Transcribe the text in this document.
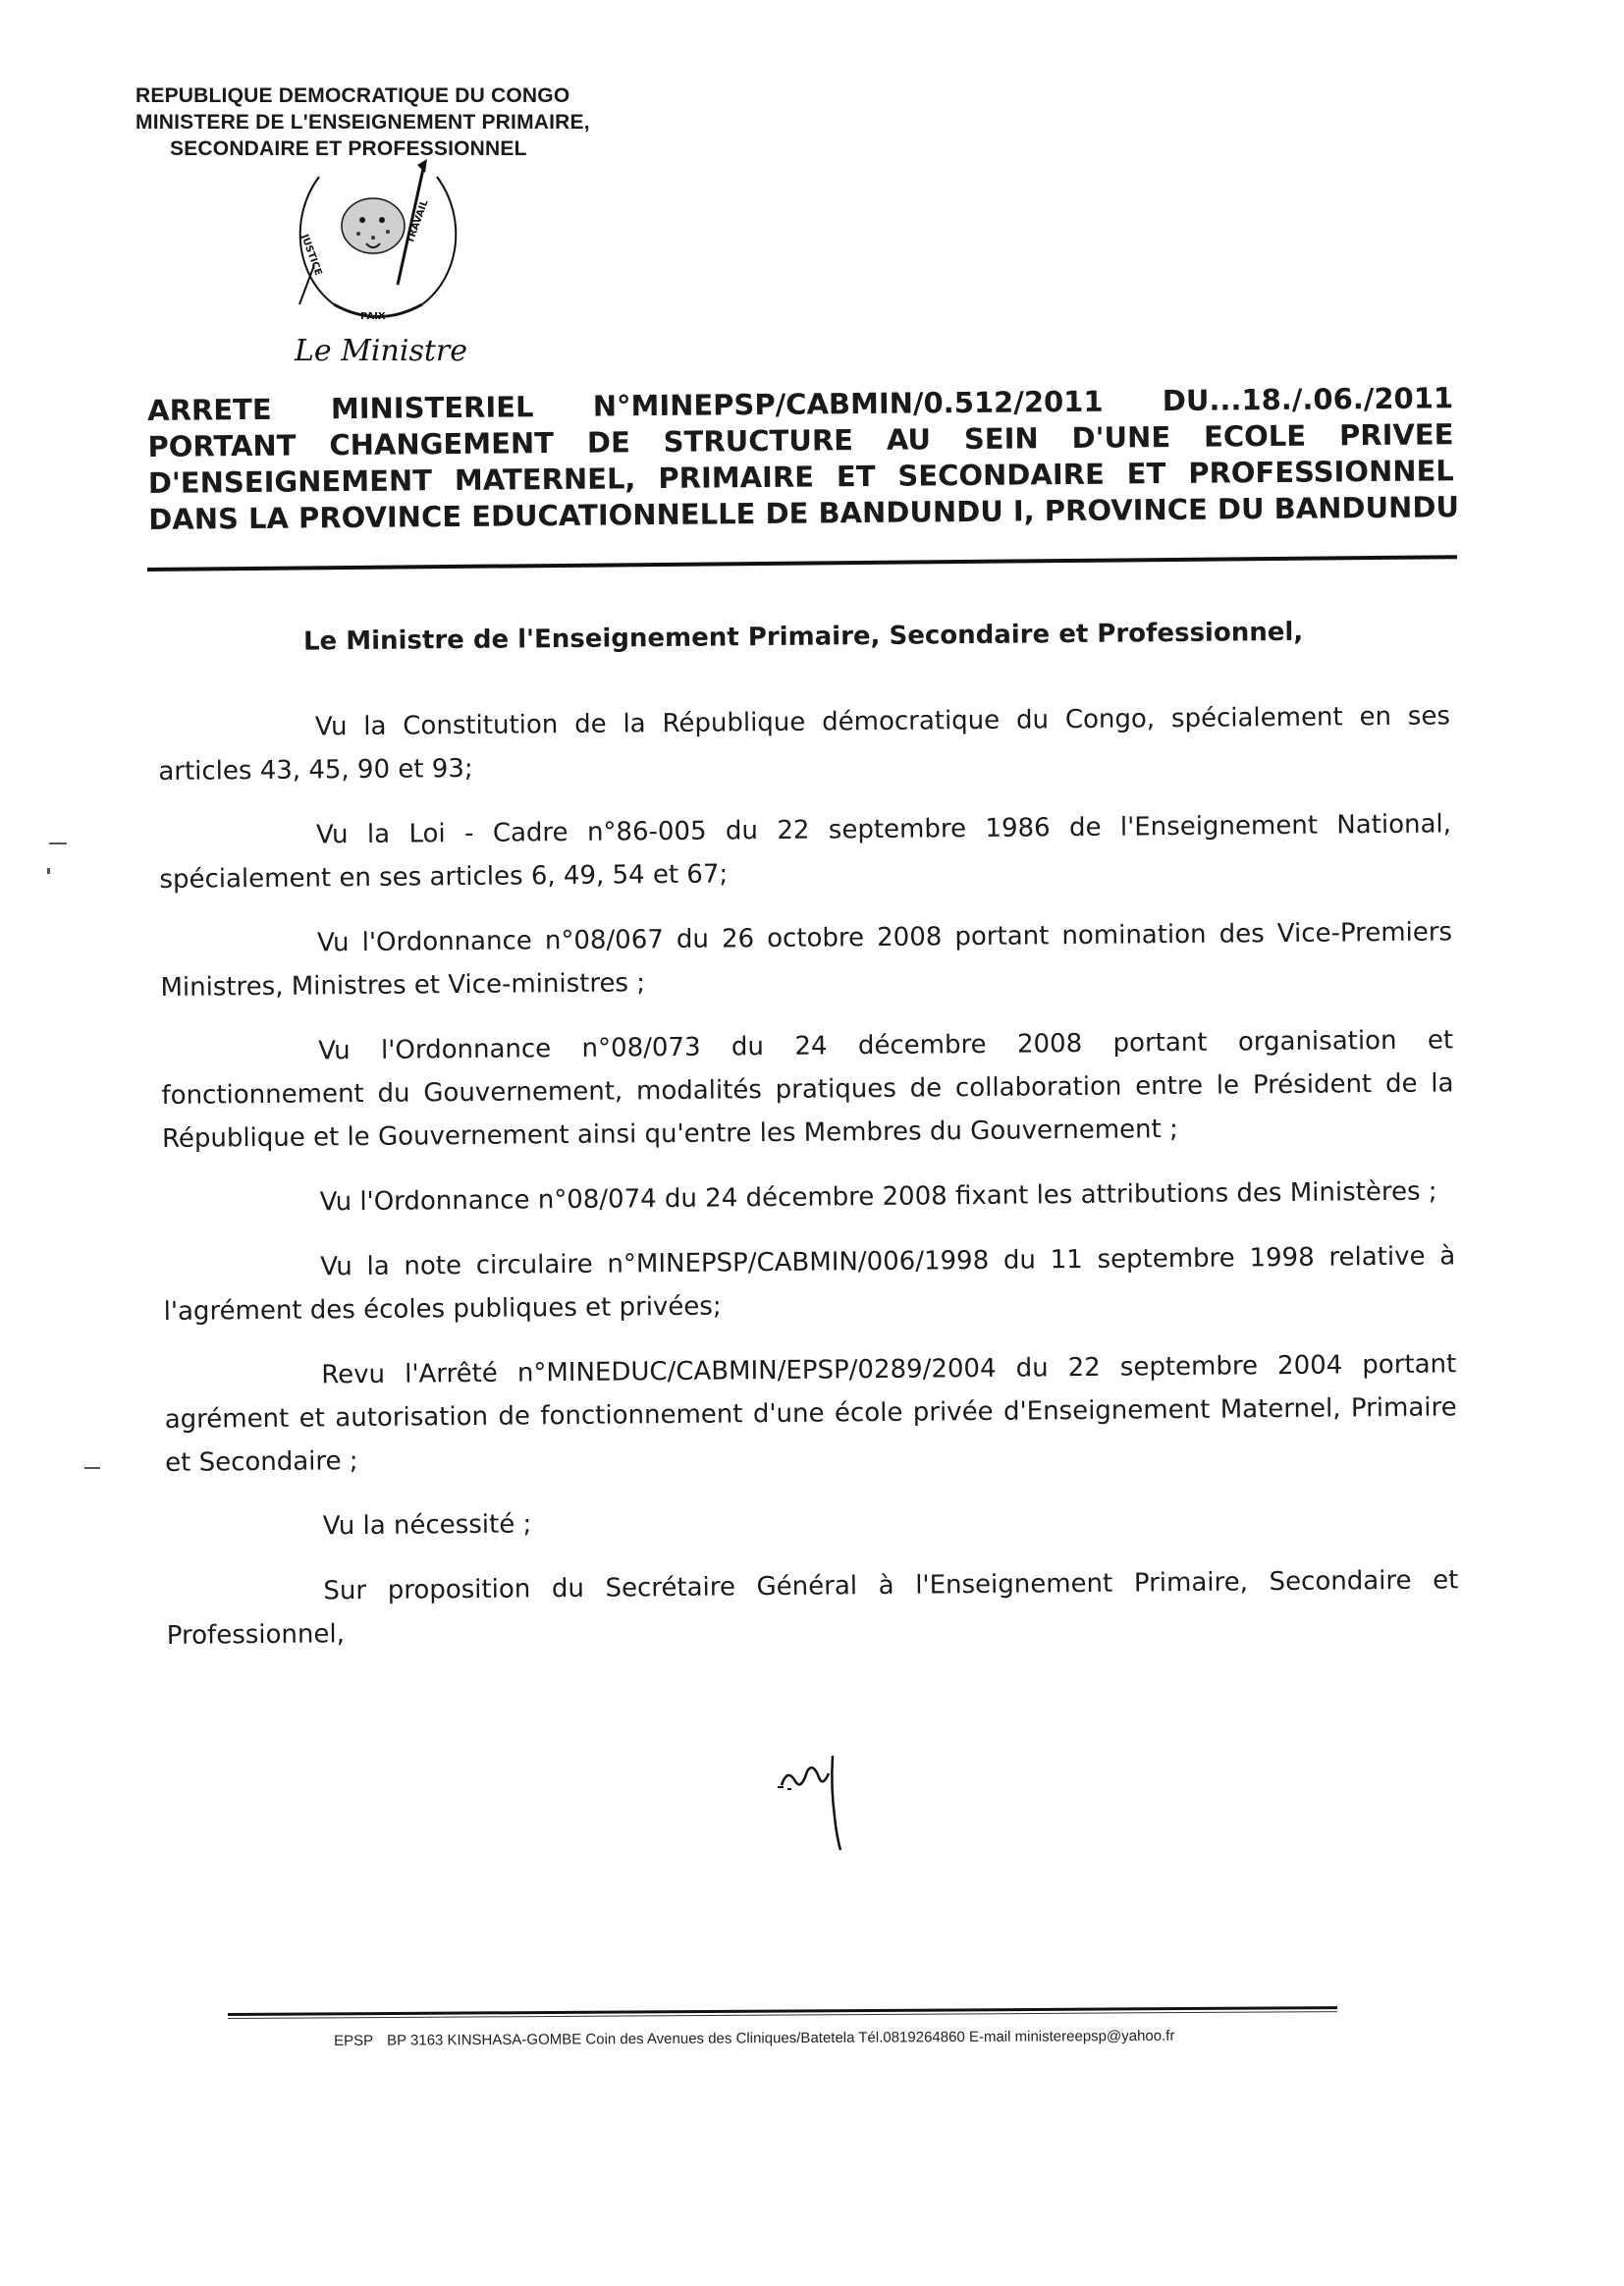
REPUBLIQUE DEMOCRATIQUE DU CONGO
MINISTERE DE L'ENSEIGNEMENT PRIMAIRE,
SECONDAIRE ET PROFESSIONNEL
JUSTICE
PAIX
TRAVAIL
Le Ministre
ARRETE MINISTERIEL N°MINEPSP/CABMIN/0.512/2011 DU...18./.06./2011
PORTANT CHANGEMENT DE STRUCTURE AU SEIN D'UNE ECOLE PRIVEE
D'ENSEIGNEMENT MATERNEL, PRIMAIRE ET SECONDAIRE ET PROFESSIONNEL
DANS LA PROVINCE EDUCATIONNELLE DE BANDUNDU I, PROVINCE DU BANDUNDU
Le Ministre de l'Enseignement Primaire, Secondaire et Professionnel,

Vu la Constitution de la République démocratique du Congo, spécialement en ses articles 43, 45, 90 et 93;

Vu la Loi - Cadre n°86-005 du 22 septembre 1986 de l'Enseignement National, spécialement en ses articles 6, 49, 54 et 67;

Vu l'Ordonnance n°08/067 du 26 octobre 2008 portant nomination des Vice-Premiers Ministres, Ministres et Vice-ministres ;

Vu l'Ordonnance n°08/073 du 24 décembre 2008 portant organisation et fonctionnement du Gouvernement, modalités pratiques de collaboration entre le Président de la République et le Gouvernement ainsi qu'entre les Membres du Gouvernement ;

Vu l'Ordonnance n°08/074 du 24 décembre 2008 fixant les attributions des Ministères ;

Vu la note circulaire n°MINEPSP/CABMIN/006/1998 du 11 septembre 1998 relative à l'agrément des écoles publiques et privées;

Revu l'Arrêté n°MINEDUC/CABMIN/EPSP/0289/2004 du 22 septembre 2004 portant agrément et autorisation de fonctionnement d'une école privée d'Enseignement Maternel, Primaire et Secondaire ;

Vu la nécessité ;

Sur proposition du Secrétaire Général à l'Enseignement Primaire, Secondaire et Professionnel,

EPSP BP 3163 KINSHASA-GOMBE Coin des Avenues des Cliniques/Batetela Tél.0819264860 E-mail ministereepsp@yahoo.fr
